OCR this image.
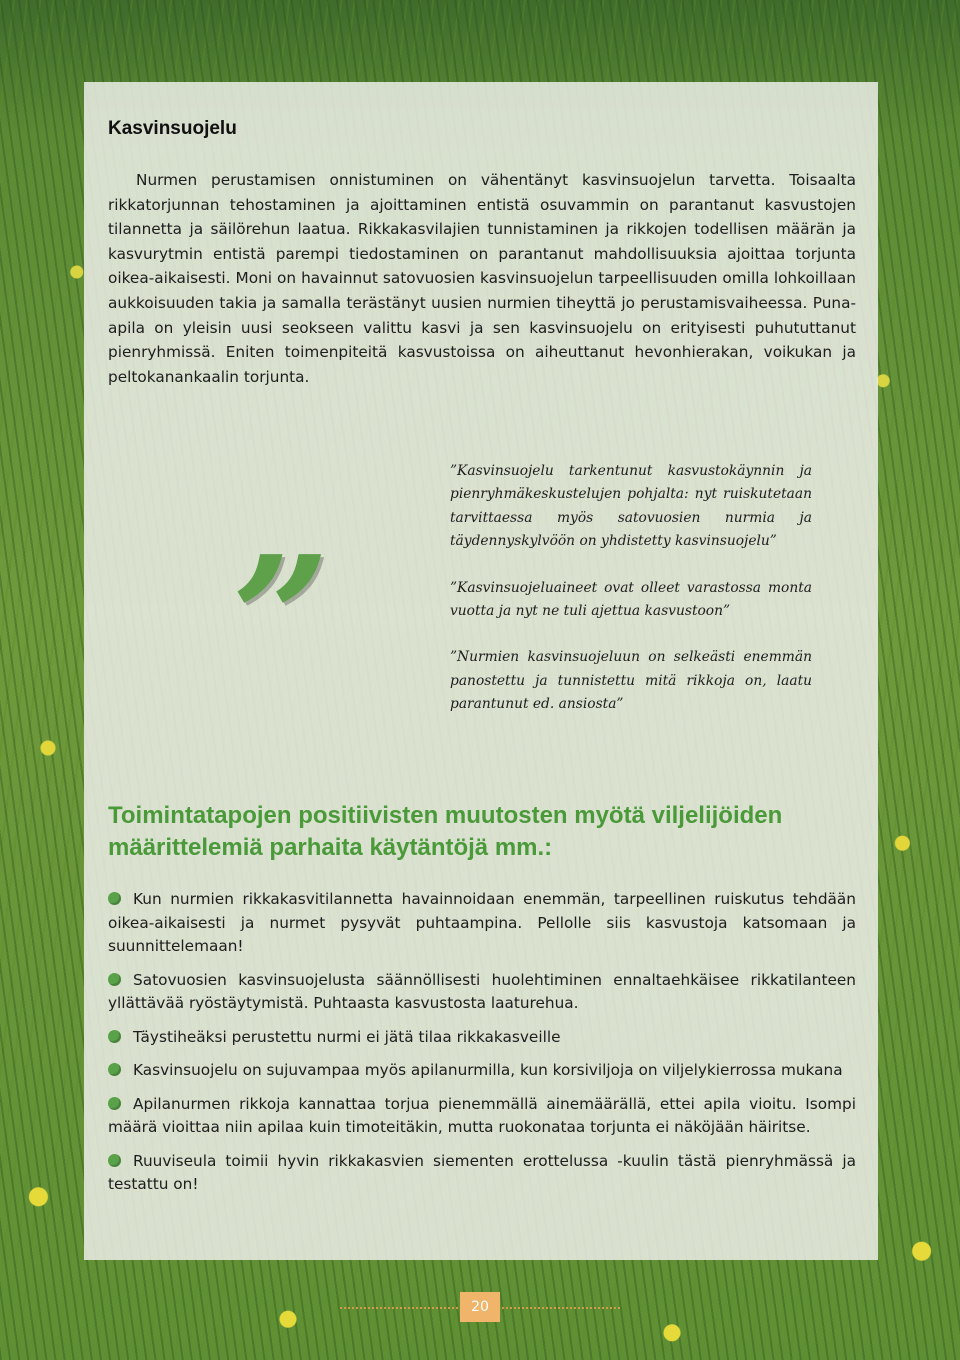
Kasvinsuojelu

Nurmen perustamisen onnistuminen on vähentänyt kasvinsuojelun tarvetta. Toisaalta rikkatorjunnan tehostaminen ja ajoittaminen entistä osuvammin on parantanut kasvustojen tilannetta ja säilörehun laatua. Rikkakasvilajien tunnistaminen ja rikkojen todellisen määrän ja kasvurytmin entistä parempi tiedostaminen on parantanut mahdollisuuksia ajoittaa torjunta oikea-aikaisesti. Moni on havainnut satovuosien kasvinsuojelun tarpeellisuuden omilla lohkoillaan aukkoisuuden takia ja samalla terästänyt uusien nurmien tiheyttä jo perustamisvaiheessa. Puna-apila on yleisin uusi seokseen valittu kasvi ja sen kasvinsuojelu on erityisesti puhututtanut pienryhmissä. Eniten toimenpiteitä kasvustoissa on aiheuttanut hevonhierakan, voikukan ja peltokanankaalin torjunta.

”

”Kasvinsuojelu tarkentunut kasvustokäynnin ja pienryhmäkeskustelujen pohjalta: nyt ruiskutetaan tarvittaessa myös satovuosien nurmia ja täydennyskylvöön on yhdistetty kasvinsuojelu”

”Kasvinsuojeluaineet ovat olleet varastossa monta vuotta ja nyt ne tuli ajettua kasvustoon”

”Nurmien kasvinsuojeluun on selkeästi enemmän panostettu ja tunnistettu mitä rikkoja on, laatu parantunut ed. ansiosta”

Toimintatapojen positiivisten muutosten myötä viljelijöiden määrittelemiä parhaita käytäntöjä mm.:
Kun nurmien rikkakasvitilannetta havainnoidaan enemmän, tarpeellinen ruiskutus tehdään oikea-aikaisesti ja nurmet pysyvät puhtaampina. Pellolle siis kasvustoja katsomaan ja suunnittelemaan!
Satovuosien kasvinsuojelusta säännöllisesti huolehtiminen ennaltaehkäisee rikkatilanteen yllättävää ryöstäytymistä. Puhtaasta kasvustosta laaturehua.
Täystiheäksi perustettu nurmi ei jätä tilaa rikkakasveille
Kasvinsuojelu on sujuvampaa myös apilanurmilla, kun korsiviljoja on viljelykierrossa mukana
Apilanurmen rikkoja kannattaa torjua pienemmällä ainemäärällä, ettei apila vioitu. Isompi määrä vioittaa niin apilaa kuin timoteitäkin, mutta ruokonataa torjunta ei näköjään häiritse.
Ruuviseula toimii hyvin rikkakasvien siementen erottelussa -kuulin tästä pienryhmässä ja testattu on!
20
